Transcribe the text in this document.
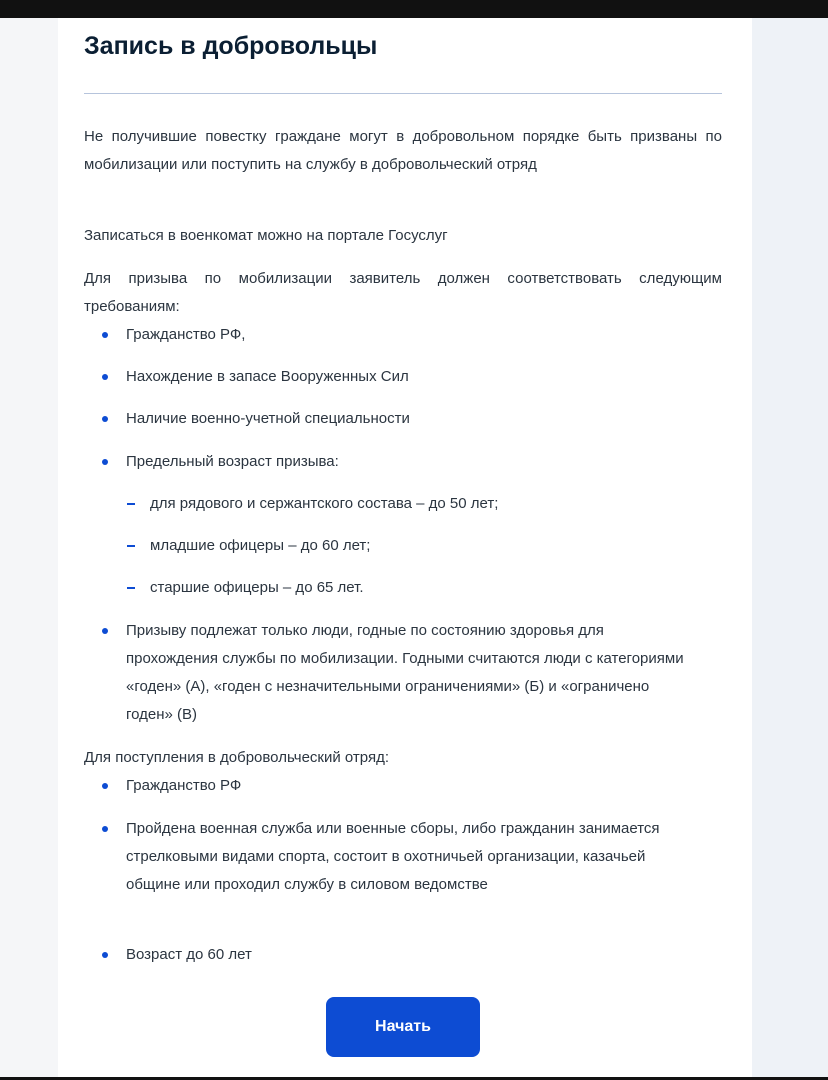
Запись в добровольцы

Не получившие повестку граждане могут в добровольном порядке быть призваны по мобилизации или поступить на службу в добровольческий отряд

Записаться в военкомат можно на портале Госуслуг

Для призыва по мобилизации заявитель должен соответствовать следующим требованиям:

Гражданство РФ,
Нахождение в запасе Вооруженных Сил
Наличие военно-учетной специальности
Предельный возраст призыва:
для рядового и сержантского состава – до 50 лет;
младшие офицеры – до 60 лет;
старшие офицеры – до 65 лет.
Призыву подлежат только люди, годные по состоянию здоровья для прохождения службы по мобилизации. Годными считаются люди с категориями «годен» (А), «годен с незначительными ограничениями» (Б) и «ограничено годен» (В)

Для поступления в добровольческий отряд:

Гражданство РФ
Пройдена военная служба или военные сборы, либо гражданин занимается стрелковыми видами спорта, состоит в охотничьей организации, казачьей общине или проходил службу в силовом ведомстве
Возраст до 60 лет
Начать
